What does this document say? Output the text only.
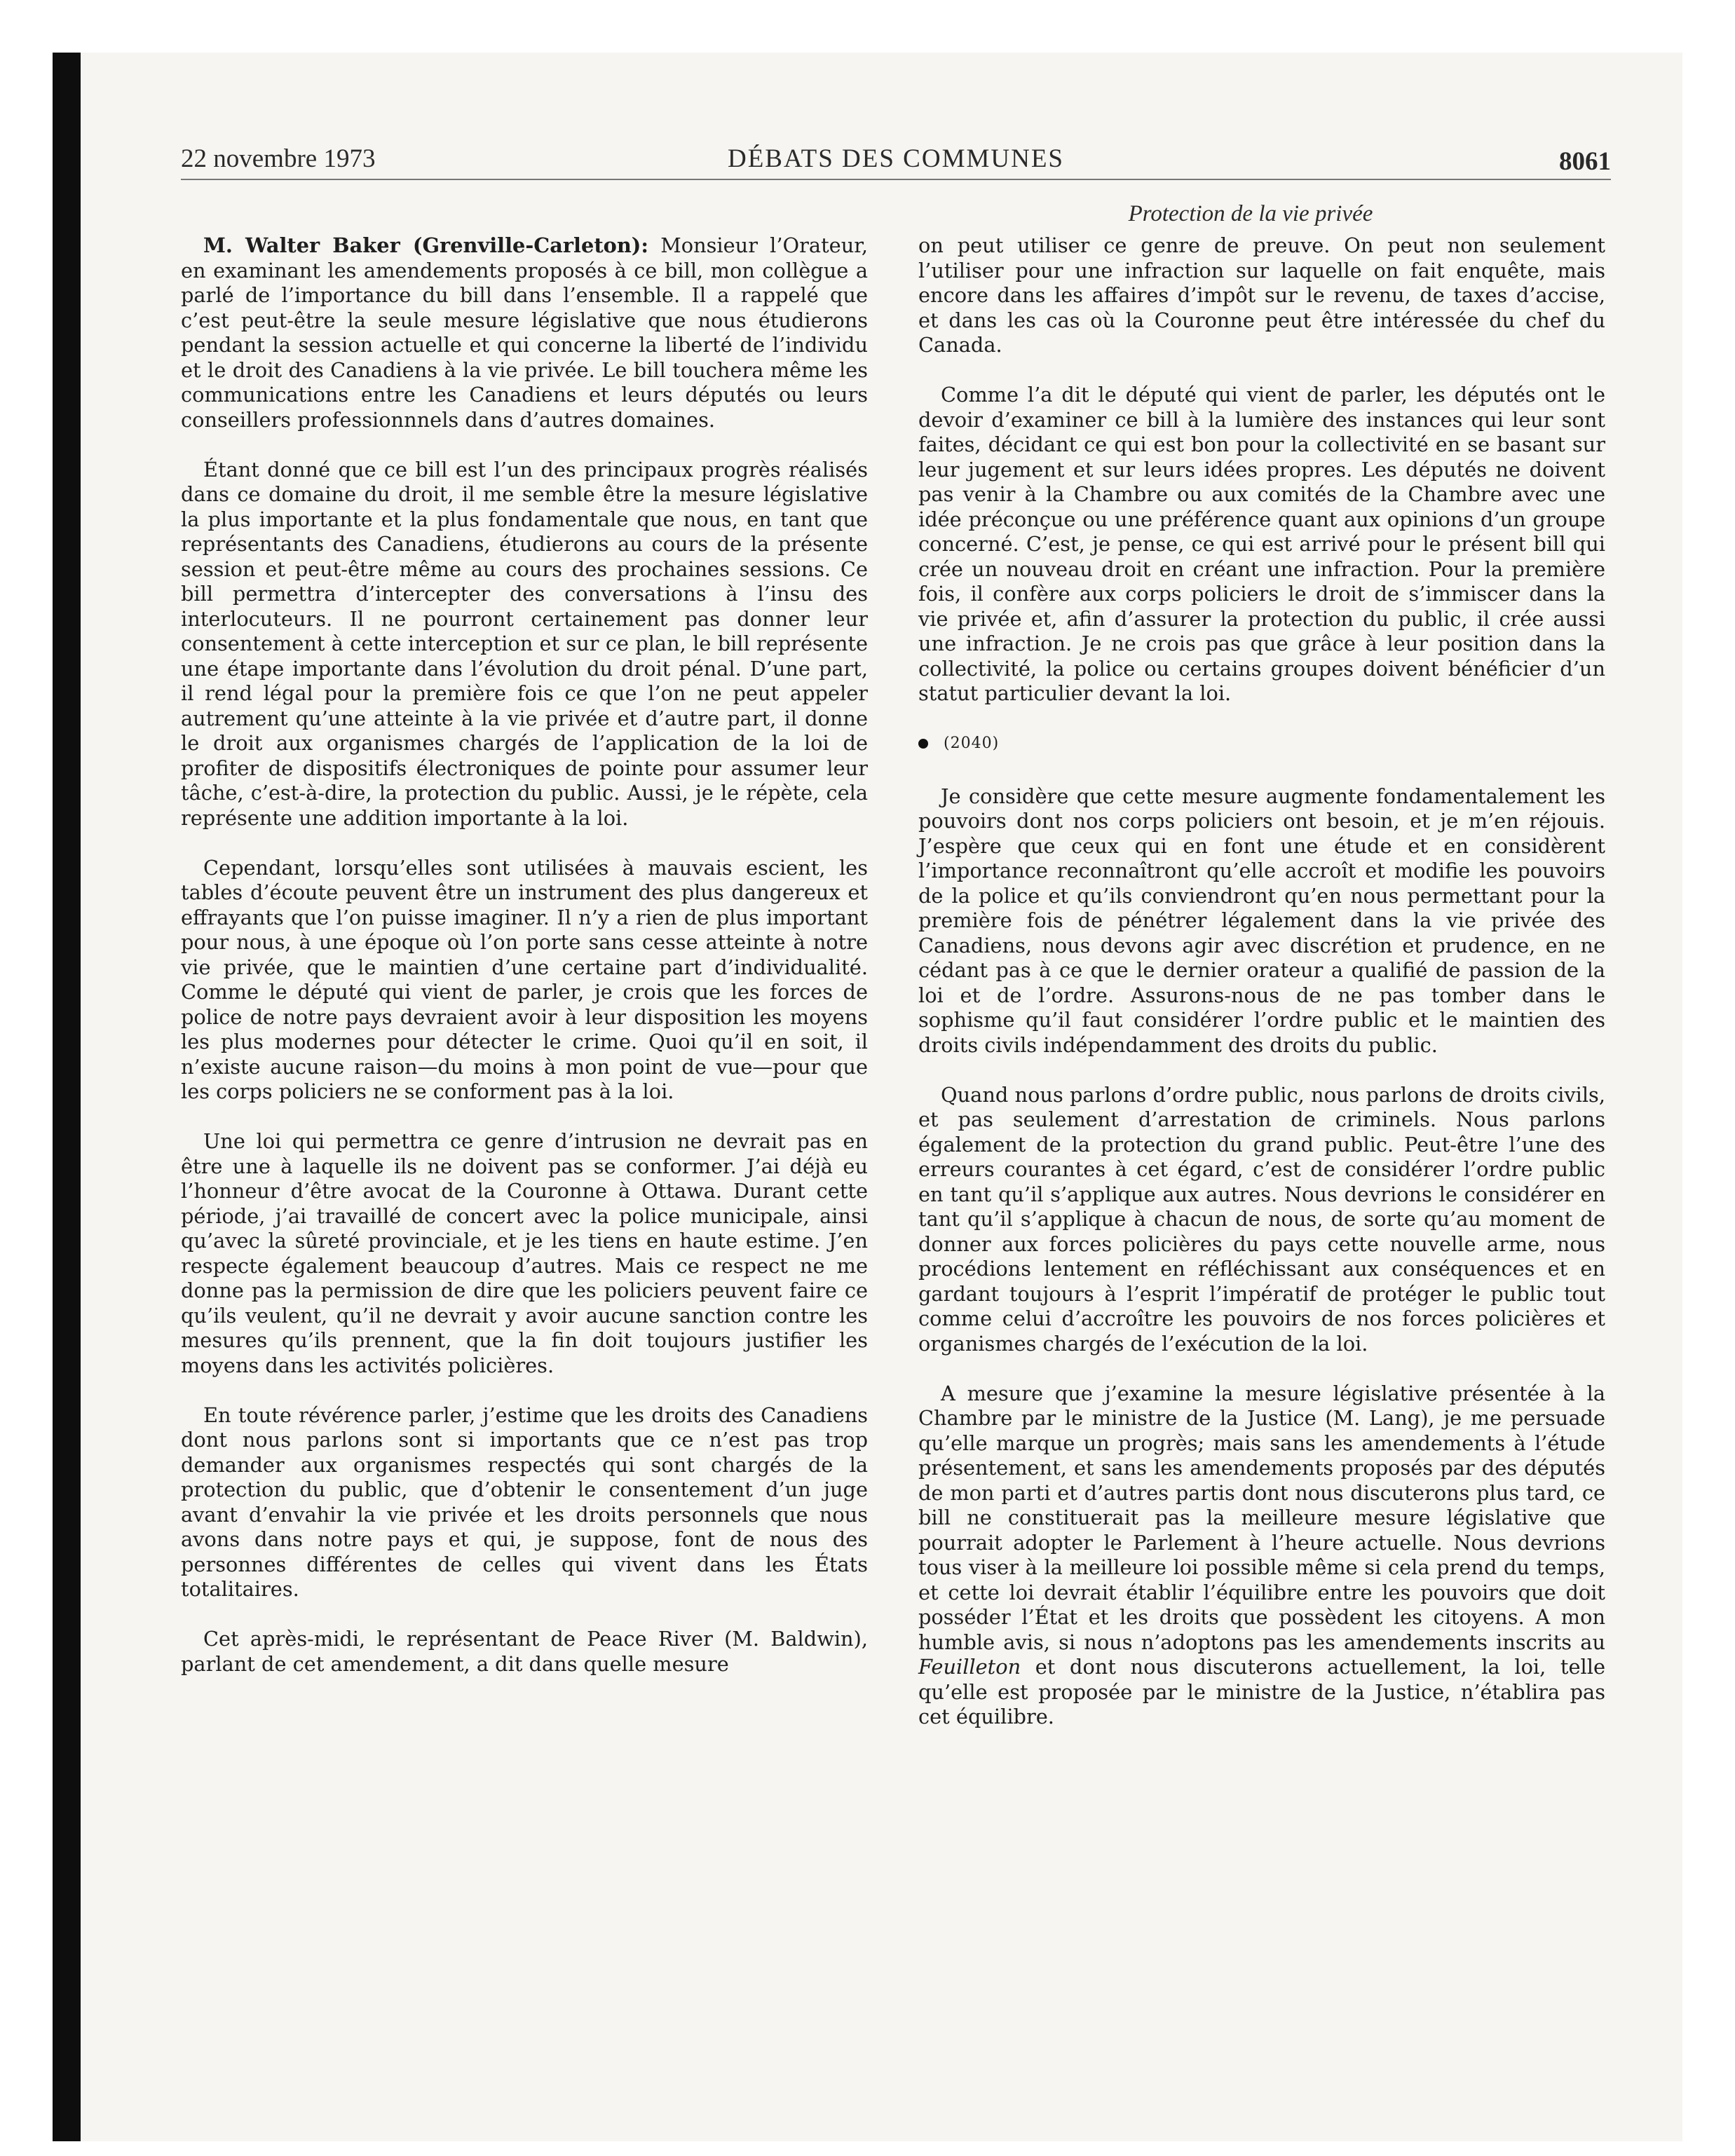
22 novembre 1973	DÉBATS DES COMMUNES	8061
Protection de la vie privée

M. Walter Baker (Grenville-Carleton): Monsieur l’Orateur, en examinant les amendements proposés à ce bill, mon collègue a parlé de l’importance du bill dans l’ensemble. Il a rappelé que c’est peut-être la seule mesure législative que nous étudierons pendant la session actuelle et qui concerne la liberté de l’individu et le droit des Canadiens à la vie privée. Le bill touchera même les communications entre les Canadiens et leurs députés ou leurs conseillers professionnnels dans d’autres domaines.

Étant donné que ce bill est l’un des principaux progrès réalisés dans ce domaine du droit, il me semble être la mesure législative la plus importante et la plus fondamentale que nous, en tant que représentants des Canadiens, étudierons au cours de la présente session et peut-être même au cours des prochaines sessions. Ce bill permettra d’intercepter des conversations à l’insu des interlocuteurs. Il ne pourront certainement pas donner leur consentement à cette interception et sur ce plan, le bill représente une étape importante dans l’évolution du droit pénal. D’une part, il rend légal pour la première fois ce que l’on ne peut appeler autrement qu’une atteinte à la vie privée et d’autre part, il donne le droit aux organismes chargés de l’application de la loi de profiter de dispositifs électroniques de pointe pour assumer leur tâche, c’est-à-dire, la protection du public. Aussi, je le répète, cela représente une addition importante à la loi.

Cependant, lorsqu’elles sont utilisées à mauvais escient, les tables d’écoute peuvent être un instrument des plus dangereux et effrayants que l’on puisse imaginer. Il n’y a rien de plus important pour nous, à une époque où l’on porte sans cesse atteinte à notre vie privée, que le maintien d’une certaine part d’individualité. Comme le député qui vient de parler, je crois que les forces de police de notre pays devraient avoir à leur disposition les moyens les plus modernes pour détecter le crime. Quoi qu’il en soit, il n’existe aucune raison—du moins à mon point de vue—pour que les corps policiers ne se conforment pas à la loi.

Une loi qui permettra ce genre d’intrusion ne devrait pas en être une à laquelle ils ne doivent pas se conformer. J’ai déjà eu l’honneur d’être avocat de la Couronne à Ottawa. Durant cette période, j’ai travaillé de concert avec la police municipale, ainsi qu’avec la sûreté provinciale, et je les tiens en haute estime. J’en respecte également beaucoup d’autres. Mais ce respect ne me donne pas la permission de dire que les policiers peuvent faire ce qu’ils veulent, qu’il ne devrait y avoir aucune sanction contre les mesures qu’ils prennent, que la fin doit toujours justifier les moyens dans les activités policières.

En toute révérence parler, j’estime que les droits des Canadiens dont nous parlons sont si importants que ce n’est pas trop demander aux organismes respectés qui sont chargés de la protection du public, que d’obtenir le consentement d’un juge avant d’envahir la vie privée et les droits personnels que nous avons dans notre pays et qui, je suppose, font de nous des personnes différentes de celles qui vivent dans les États totalitaires.

Cet après-midi, le représentant de Peace River (M. Baldwin), parlant de cet amendement, a dit dans quelle mesure

on peut utiliser ce genre de preuve. On peut non seulement l’utiliser pour une infraction sur laquelle on fait enquête, mais encore dans les affaires d’impôt sur le revenu, de taxes d’accise, et dans les cas où la Couronne peut être intéressée du chef du Canada.

Comme l’a dit le député qui vient de parler, les députés ont le devoir d’examiner ce bill à la lumière des instances qui leur sont faites, décidant ce qui est bon pour la collectivité en se basant sur leur jugement et sur leurs idées propres. Les députés ne doivent pas venir à la Chambre ou aux comités de la Chambre avec une idée préconçue ou une préférence quant aux opinions d’un groupe concerné. C’est, je pense, ce qui est arrivé pour le présent bill qui crée un nouveau droit en créant une infraction. Pour la première fois, il confère aux corps policiers le droit de s’immiscer dans la vie privée et, afin d’assurer la protection du public, il crée aussi une infraction. Je ne crois pas que grâce à leur position dans la collectivité, la police ou certains groupes doivent bénéficier d’un statut particulier devant la loi.

(2040)

Je considère que cette mesure augmente fondamentalement les pouvoirs dont nos corps policiers ont besoin, et je m’en réjouis. J’espère que ceux qui en font une étude et en considèrent l’importance reconnaîtront qu’elle accroît et modifie les pouvoirs de la police et qu’ils conviendront qu’en nous permettant pour la première fois de pénétrer légalement dans la vie privée des Canadiens, nous devons agir avec discrétion et prudence, en ne cédant pas à ce que le dernier orateur a qualifié de passion de la loi et de l’ordre. Assurons-nous de ne pas tomber dans le sophisme qu’il faut considérer l’ordre public et le maintien des droits civils indépendamment des droits du public.

Quand nous parlons d’ordre public, nous parlons de droits civils, et pas seulement d’arrestation de criminels. Nous parlons également de la protection du grand public. Peut-être l’une des erreurs courantes à cet égard, c’est de considérer l’ordre public en tant qu’il s’applique aux autres. Nous devrions le considérer en tant qu’il s’applique à chacun de nous, de sorte qu’au moment de donner aux forces policières du pays cette nouvelle arme, nous procédions lentement en réfléchissant aux conséquences et en gardant toujours à l’esprit l’impératif de protéger le public tout comme celui d’accroître les pouvoirs de nos forces policières et organismes chargés de l’exécution de la loi.

A mesure que j’examine la mesure législative présentée à la Chambre par le ministre de la Justice (M. Lang), je me persuade qu’elle marque un progrès; mais sans les amendements à l’étude présentement, et sans les amendements proposés par des députés de mon parti et d’autres partis dont nous discuterons plus tard, ce bill ne constituerait pas la meilleure mesure législative que pourrait adopter le Parlement à l’heure actuelle. Nous devrions tous viser à la meilleure loi possible même si cela prend du temps, et cette loi devrait établir l’équilibre entre les pouvoirs que doit posséder l’État et les droits que possèdent les citoyens. A mon humble avis, si nous n’adoptons pas les amendements inscrits au Feuilleton et dont nous discuterons actuellement, la loi, telle qu’elle est proposée par le ministre de la Justice, n’établira pas cet équilibre.
